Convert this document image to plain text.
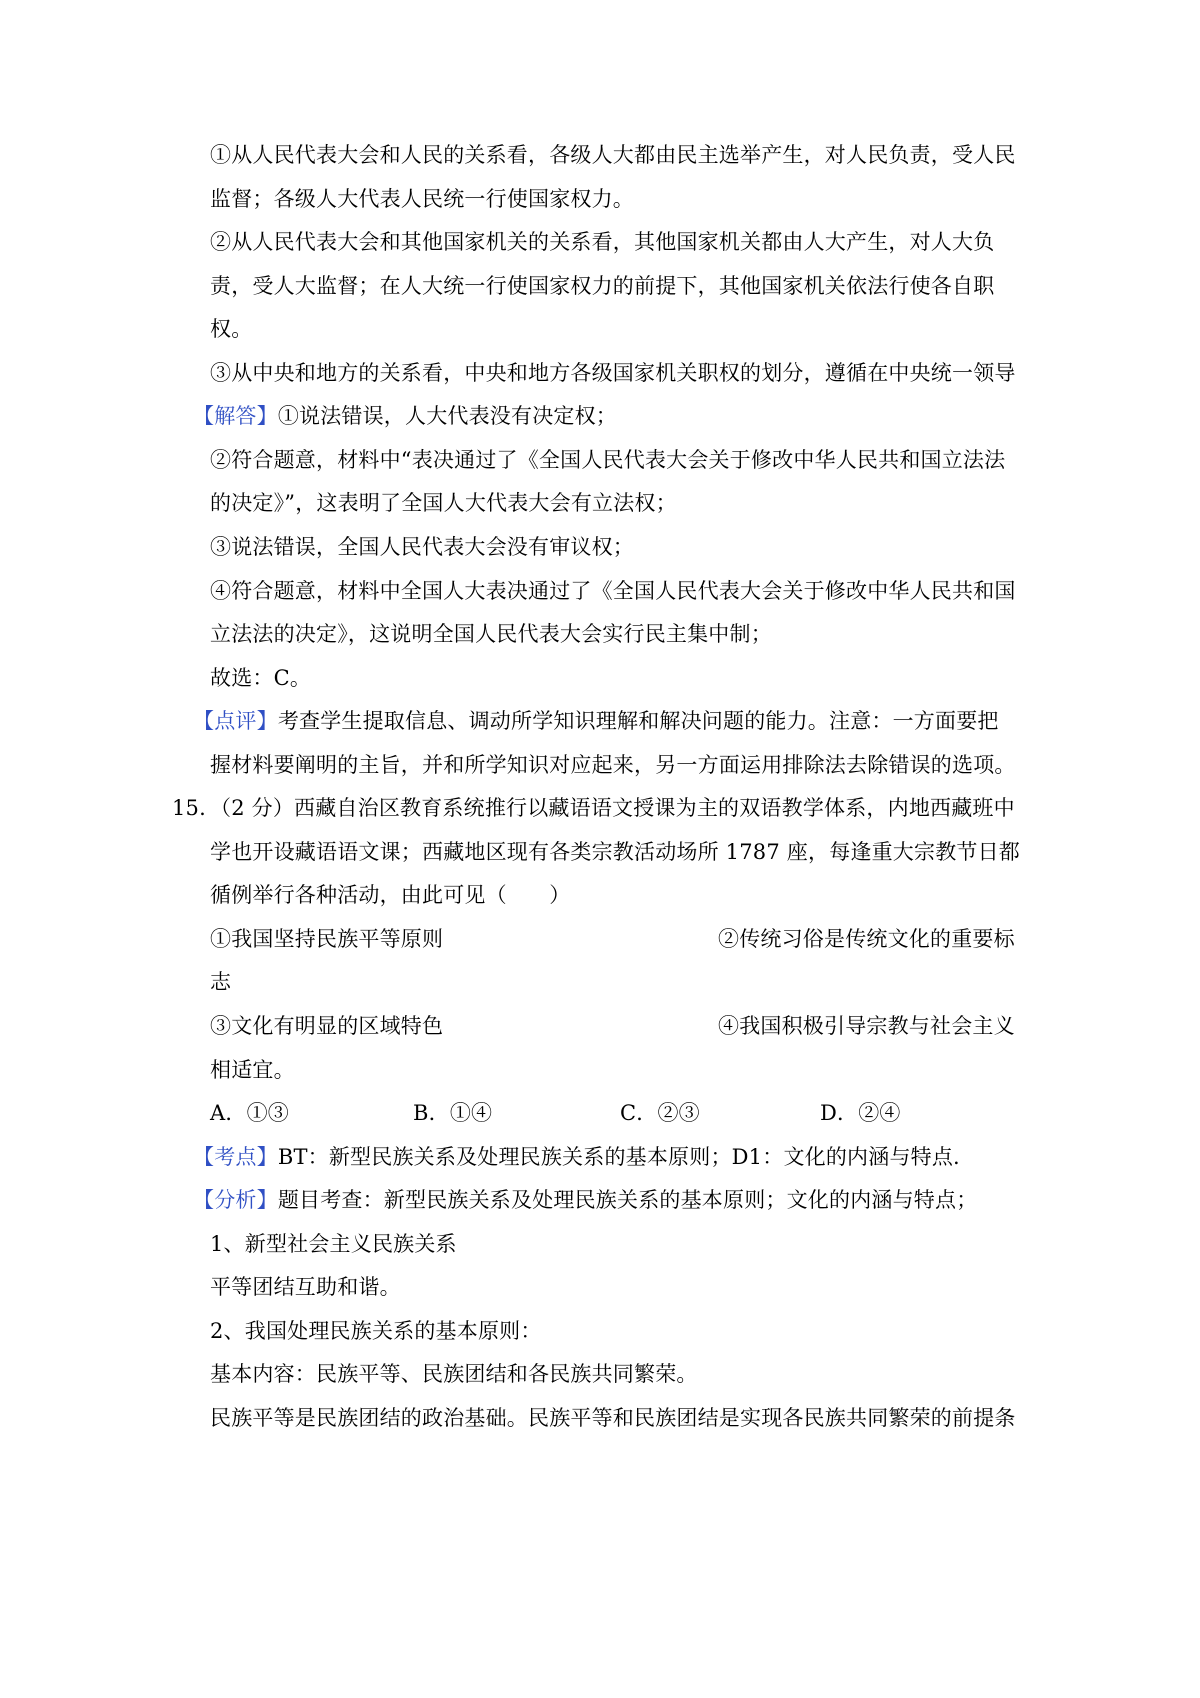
①从人民代表大会和人民的关系看，各级人大都由民主选举产生，对人民负责，受人民
监督；各级人大代表人民统一行使国家权力。
②从人民代表大会和其他国家机关的关系看，其他国家机关都由人大产生，对人大负
责，受人大监督；在人大统一行使国家权力的前提下，其他国家机关依法行使各自职
权。
③从中央和地方的关系看，中央和地方各级国家机关职权的划分，遵循在中央统一领导
【解答】①说法错误，人大代表没有决定权；
②符合题意，材料中“表决通过了《全国人民代表大会关于修改中华人民共和国立法法
的决定》”，这表明了全国人大代表大会有立法权；
③说法错误，全国人民代表大会没有审议权；
④符合题意，材料中全国人大表决通过了《全国人民代表大会关于修改中华人民共和国
立法法的决定》，这说明全国人民代表大会实行民主集中制；
故选：C。
【点评】考查学生提取信息、调动所学知识理解和解决问题的能力。注意：一方面要把
握材料要阐明的主旨，并和所学知识对应起来，另一方面运用排除法去除错误的选项。
15. （2 分）西藏自治区教育系统推行以藏语语文授课为主的双语教学体系，内地西藏班中
学也开设藏语语文课；西藏地区现有各类宗教活动场所 1787 座，每逢重大宗教节日都
循例举行各种活动，由此可见（　　）
①我国坚持民族平等原则	②传统习俗是传统文化的重要标
志
③文化有明显的区域特色	④我国积极引导宗教与社会主义
相适宜。
A．①③	B．①④	C．②③	D．②④
【考点】BT：新型民族关系及处理民族关系的基本原则；D1：文化的内涵与特点.
【分析】题目考查：新型民族关系及处理民族关系的基本原则；文化的内涵与特点；
1、新型社会主义民族关系
平等团结互助和谐。
2、我国处理民族关系的基本原则：
基本内容：民族平等、民族团结和各民族共同繁荣。
民族平等是民族团结的政治基础。民族平等和民族团结是实现各民族共同繁荣的前提条
